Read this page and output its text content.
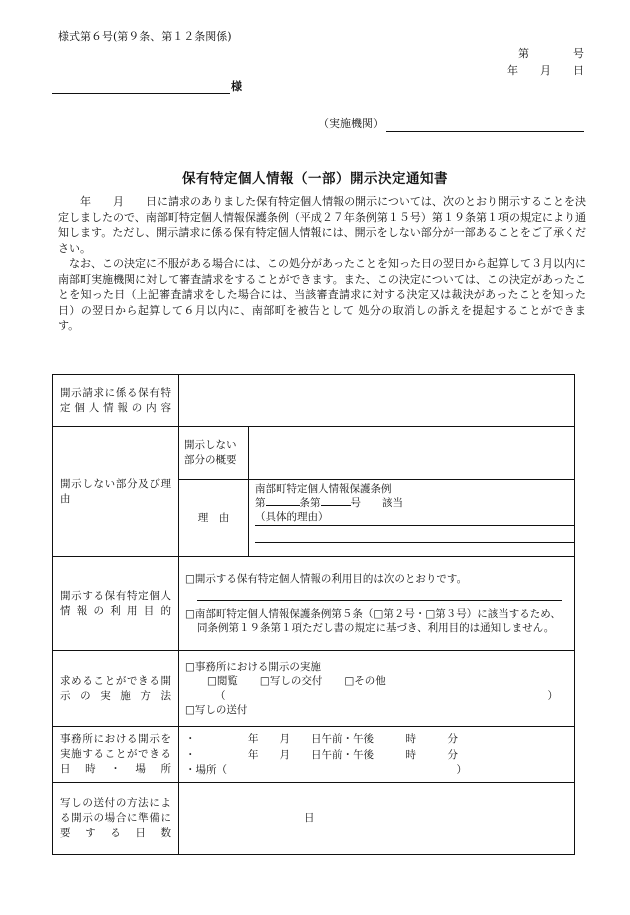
様式第６号(第９条、第１２条関係)
第　　　　号
年　　月　　日
様
（実施機関）
保有特定個人情報（一部）開示決定通知書

　　年　　月　　日に請求のありました保有特定個人情報の開示については、次のとおり開示することを決定しましたので、南部町特定個人情報保護条例（平成２７年条例第１５号）第１９条第１項の規定により通知します。ただし、開示請求に係る保有特定個人情報には、開示をしない部分が一部あることをご了承ください。

　なお、この決定に不服がある場合には、この処分があったことを知った日の翌日から起算して３月以内に南部町実施機関に対して審査請求をすることができます。また、この決定については、この決定があったことを知った日（上記審査請求をした場合には、当該審査請求に対する決定又は裁決があったことを知った日）の翌日から起算して６月以内に、南部町を被告として 処分の取消しの訴えを提起することができます。

開示請求に係る保有特定個人情報の内容		
開示しない部分及び理由	開示しない部分の概要	
	理　由	南部町特定個人情報保護条例
第 条第 号　　該当
（具体的理由）

開示する保有特定個人情報の利用目的	□開示する保有特定個人情報の利用目的は次のとおりです。
□南部町特定個人情報保護条例第５条（□第２号・□第３号）に該当するため、同条例第１９条第１項ただし書の規定に基づき、利用目的は通知しません。	

求めることができる開示の実施方法	□事務所における開示の実施
□閲覧 □写しの交付 □その他
（ ）
□写しの送付	

事務所における開示を実施することができる日時・場所	・　　　　　年　　月　　日午前・午後　　　時　　　分
・　　　　　年　　月　　日午前・午後　　　時　　　分
・場所（ ）	

写しの送付の方法による開示の場合に準備に要する日数	日	
